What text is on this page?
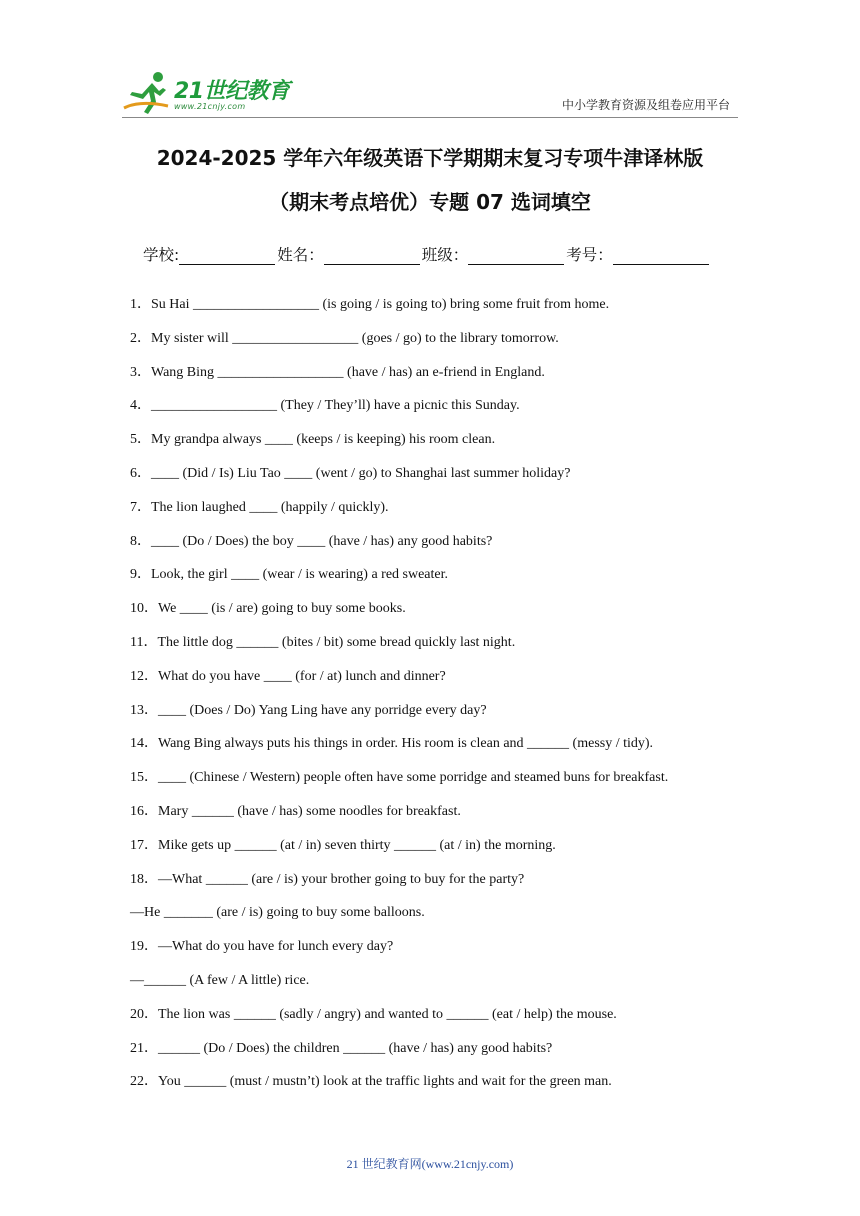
21世纪教育
www.21cnjy.com	中小学教育资源及组卷应用平台
2024-2025 学年六年级英语下学期期末复习专项牛津译林版
（期末考点培优）专题 07 选词填空
学校:	姓名：	班级：	考号：
1．Su Hai __________________ (is going / is going to) bring some fruit from home.
2．My sister will __________________ (goes / go) to the library tomorrow.
3．Wang Bing __________________ (have / has) an e-friend in England.
4．__________________ (They / They’ll) have a picnic this Sunday.
5．My grandpa always ____ (keeps / is keeping) his room clean.
6．____ (Did / Is) Liu Tao ____ (went / go) to Shanghai last summer holiday?
7．The lion laughed ____ (happily / quickly).
8．____ (Do / Does) the boy ____ (have / has) any good habits?
9．Look, the girl ____ (wear / is wearing) a red sweater.
10．We ____ (is / are) going to buy some books.
11．The little dog ______ (bites / bit) some bread quickly last night.
12．What do you have ____ (for / at) lunch and dinner?
13．____ (Does / Do) Yang Ling have any porridge every day?
14．Wang Bing always puts his things in order. His room is clean and ______ (messy / tidy).
15．____ (Chinese / Western) people often have some porridge and steamed buns for breakfast.
16．Mary ______ (have / has) some noodles for breakfast.
17．Mike gets up ______ (at / in) seven thirty ______ (at / in) the morning.
18．—What ______ (are / is) your brother going to buy for the party?
—He _______ (are / is) going to buy some balloons.
19．—What do you have for lunch every day?
—______ (A few / A little) rice.
20．The lion was ______ (sadly / angry) and wanted to ______ (eat / help) the mouse.
21．______ (Do / Does) the children ______ (have / has) any good habits?
22．You ______ (must / mustn’t) look at the traffic lights and wait for the green man.
21 世纪教育网(www.21cnjy.com)
